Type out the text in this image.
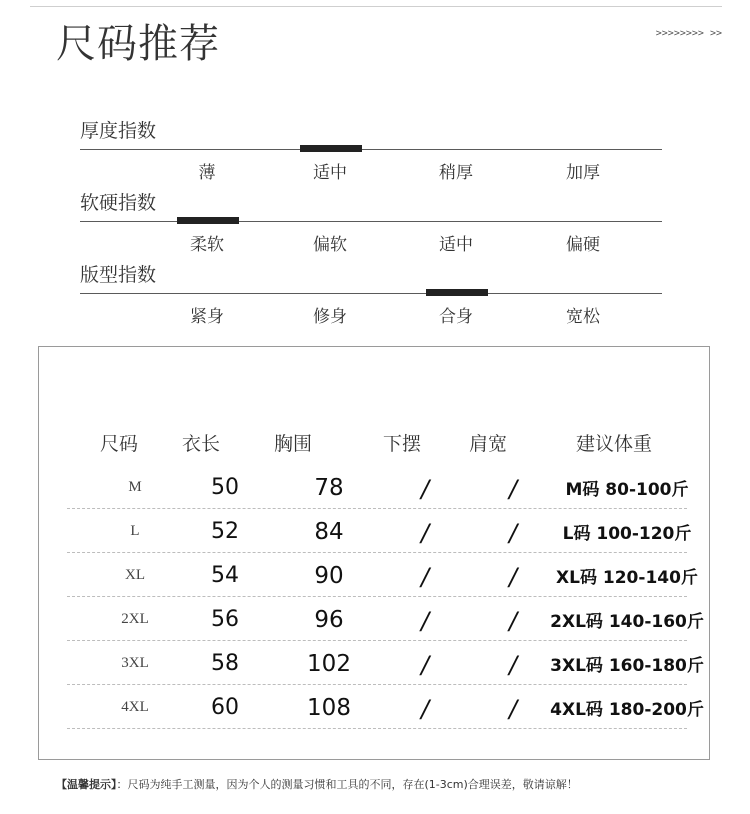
尺码推荐	>>>>>>>> >>
厚度指数
薄	适中	稍厚	加厚
软硬指数
柔软	偏软	适中	偏硬
版型指数
紧身	修身	合身	宽松
尺码	衣长	胸围	下摆	肩宽	建议体重
M	50	78	/	/	M码 80-100斤
L	52	84	/	/	L码 100-120斤
XL	54	90	/	/	XL码 120-140斤
2XL	56	96	/	/	2XL码 140-160斤
3XL	58	102	/	/	3XL码 160-180斤
4XL	60	108	/	/	4XL码 180-200斤
【温馨提示】：尺码为纯手工测量，因为个人的测量习惯和工具的不同，存在(1-3cm)合理误差，敬请谅解！
